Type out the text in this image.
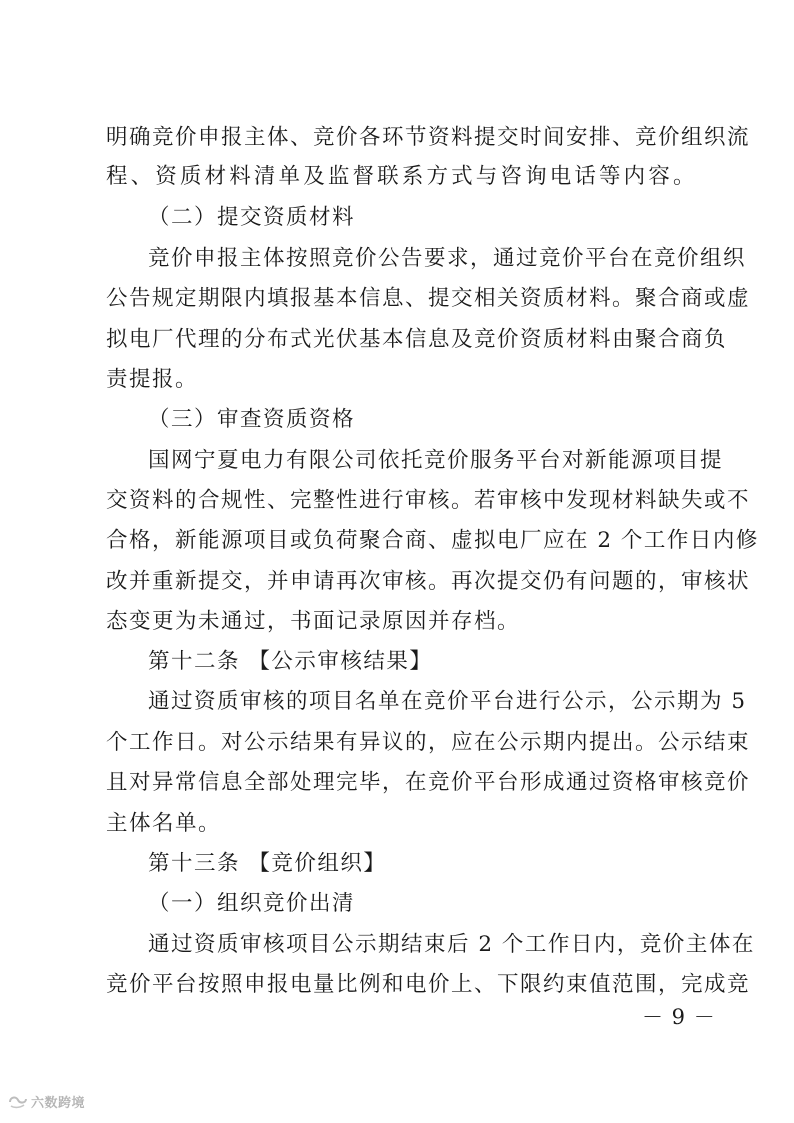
明确竞价申报主体、竞价各环节资料提交时间安排、竞价组织流
程、资质材料清单及监督联系方式与咨询电话等内容。
（二）提交资质材料
竞价申报主体按照竞价公告要求，通过竞价平台在竞价组织
公告规定期限内填报基本信息、提交相关资质材料。聚合商或虚
拟电厂代理的分布式光伏基本信息及竞价资质材料由聚合商负
责提报。
（三）审查资质资格
国网宁夏电力有限公司依托竞价服务平台对新能源项目提
交资料的合规性、完整性进行审核。若审核中发现材料缺失或不
合格，新能源项目或负荷聚合商、虚拟电厂应在 2 个工作日内修
改并重新提交，并申请再次审核。再次提交仍有问题的，审核状
态变更为未通过，书面记录原因并存档。
第十二条 【公示审核结果】
通过资质审核的项目名单在竞价平台进行公示，公示期为 5
个工作日。对公示结果有异议的，应在公示期内提出。公示结束
且对异常信息全部处理完毕，在竞价平台形成通过资格审核竞价
主体名单。
第十三条 【竞价组织】
（一）组织竞价出清
通过资质审核项目公示期结束后 2 个工作日内，竞价主体在
竞价平台按照申报电量比例和电价上、下限约束值范围，完成竞
－ 9 －
六数跨境
